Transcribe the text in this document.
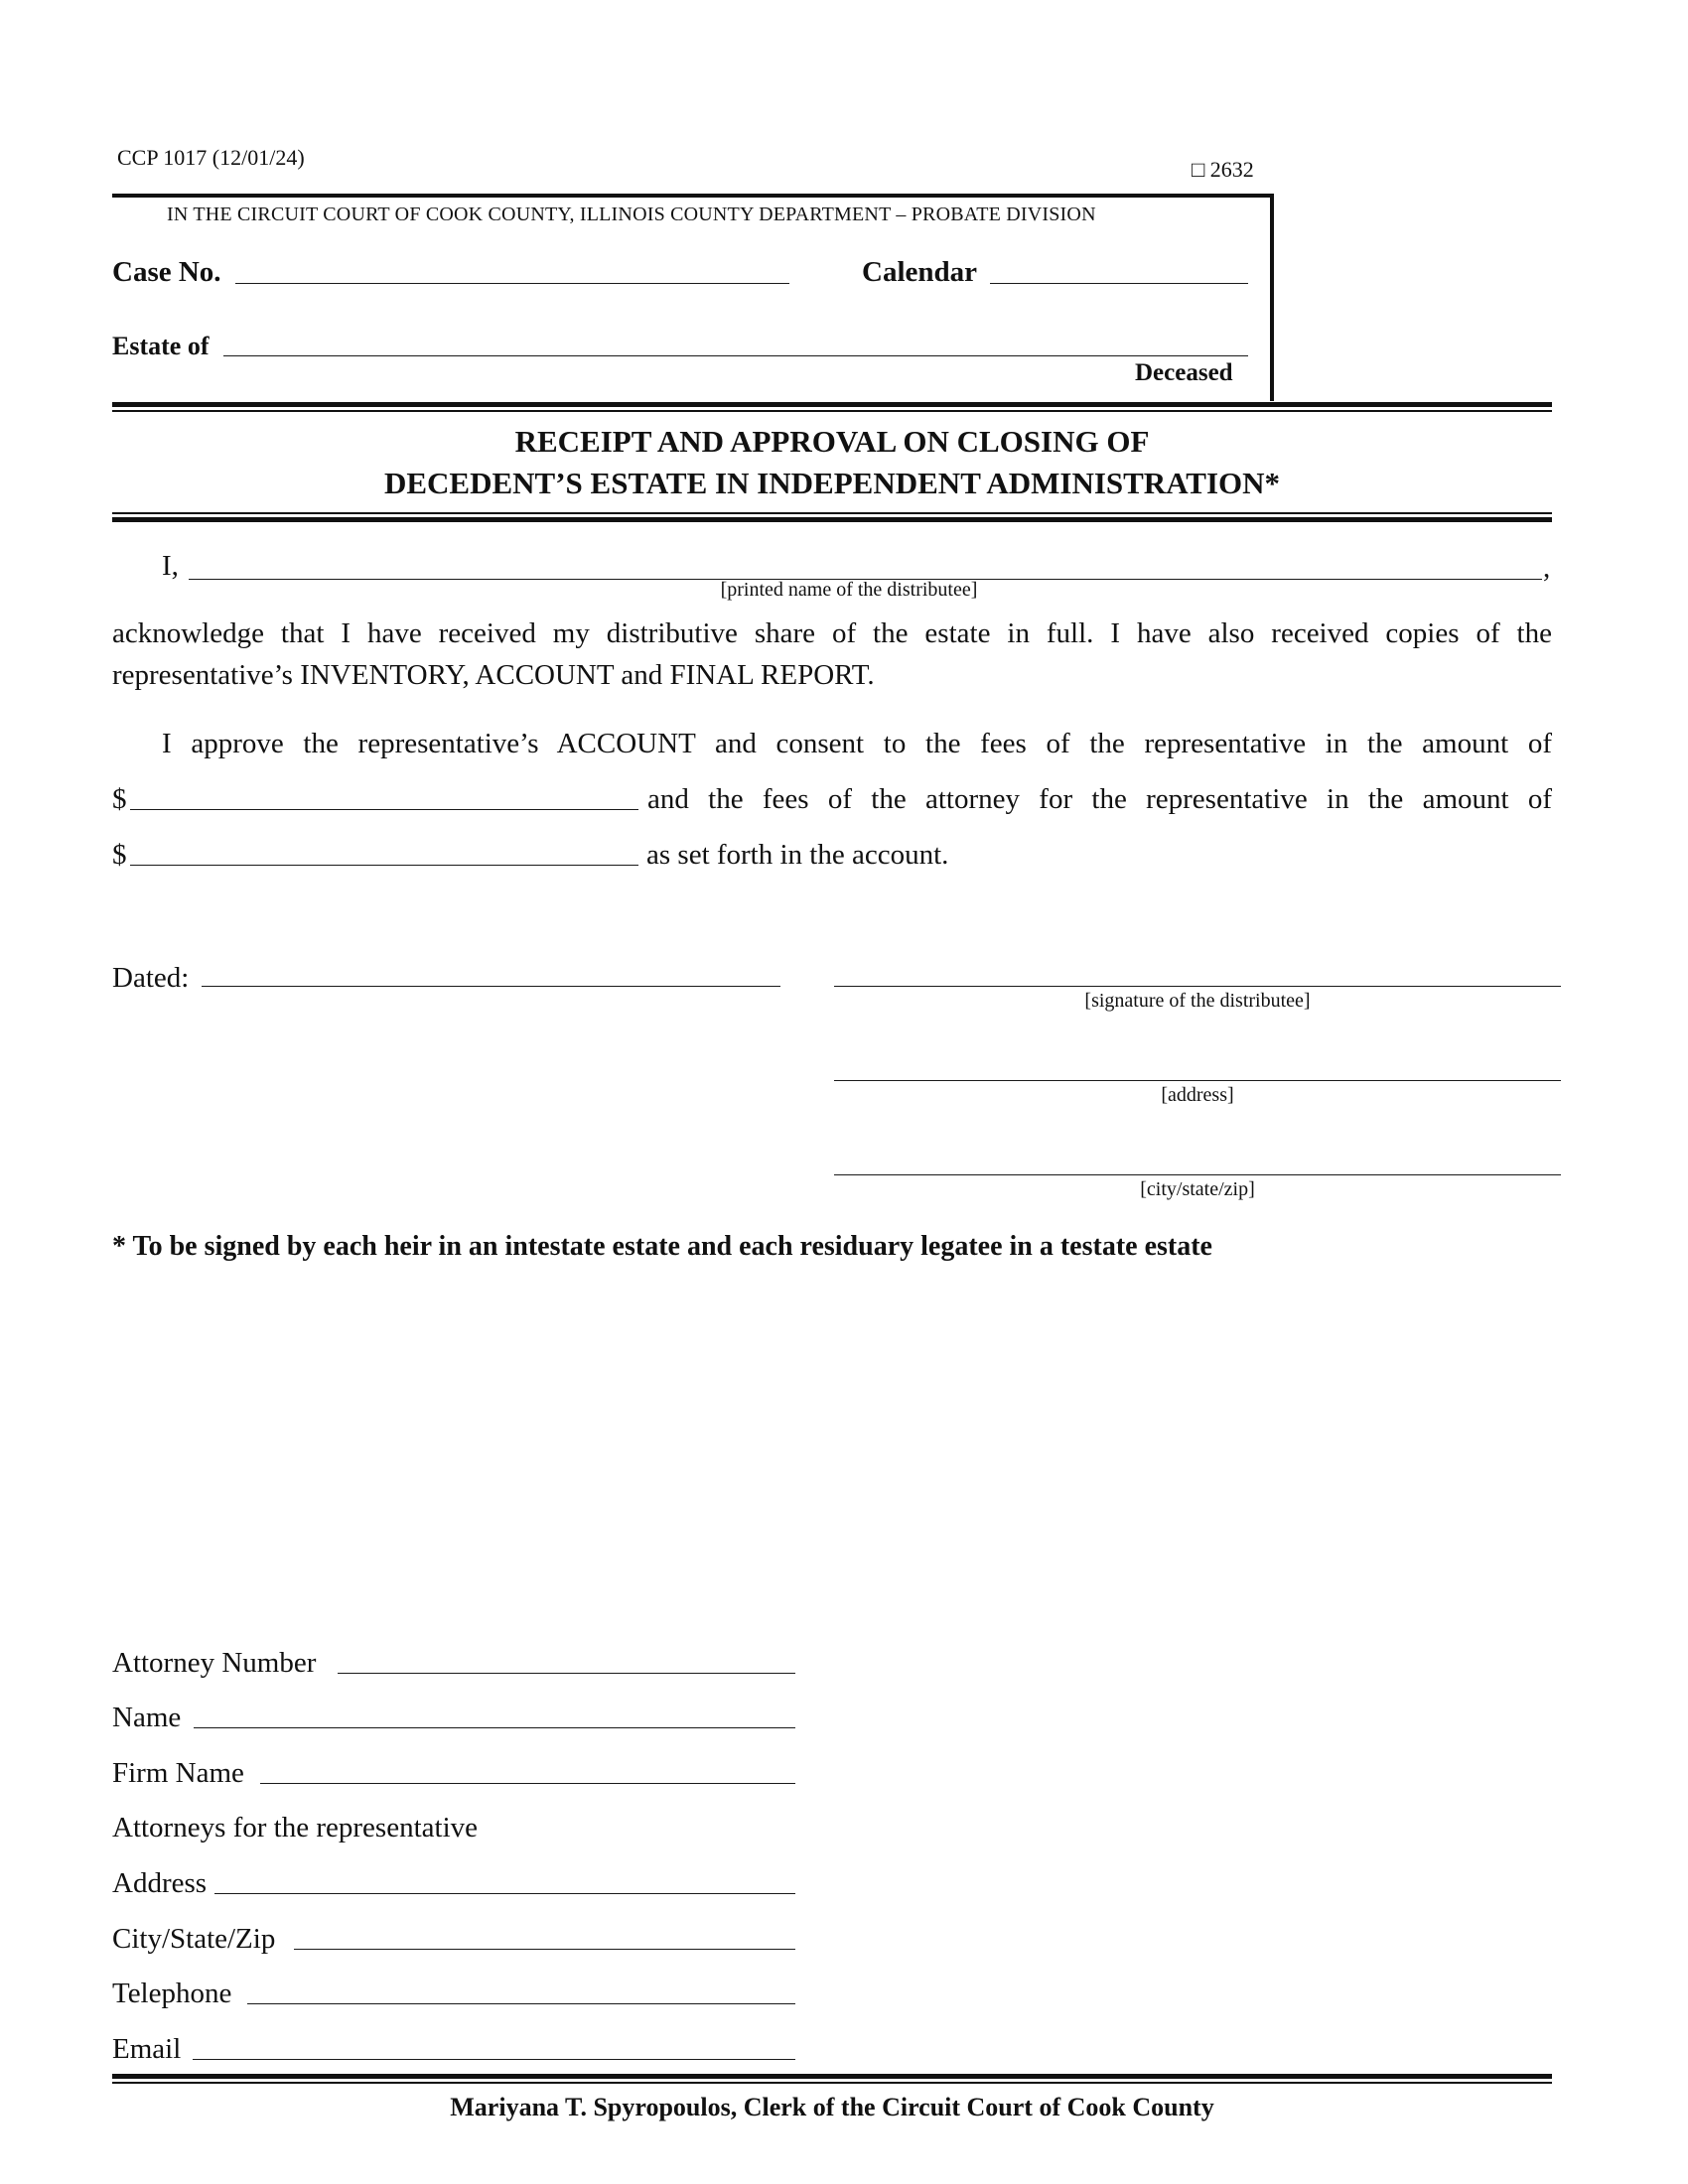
CCP 1017 (12/01/24)	□ 2632
IN THE CIRCUIT COURT OF COOK COUNTY, ILLINOIS COUNTY DEPARTMENT – PROBATE DIVISION
Case No.	Calendar
Estate of
Deceased
RECEIPT AND APPROVAL ON CLOSING OF
DECEDENT’S ESTATE IN INDEPENDENT ADMINISTRATION*
I,	,
[printed name of the distributee]
acknowledge that I have received my distributive share of the estate in full. I have also received copies of the representative’s INVENTORY, ACCOUNT and FINAL REPORT.
I approve the representative’s ACCOUNT and consent to the fees of the representative in the amount of
$	and the fees of the attorney for the representative in the amount of
$	as set forth in the account.
Dated:
[signature of the distributee]
[address]
[city/state/zip]
* To be signed by each heir in an intestate estate and each residuary legatee in a testate estate
Attorney Number
Name
Firm Name
Attorneys for the representative
Address
City/State/Zip
Telephone
Email
Mariyana T. Spyropoulos, Clerk of the Circuit Court of Cook County
